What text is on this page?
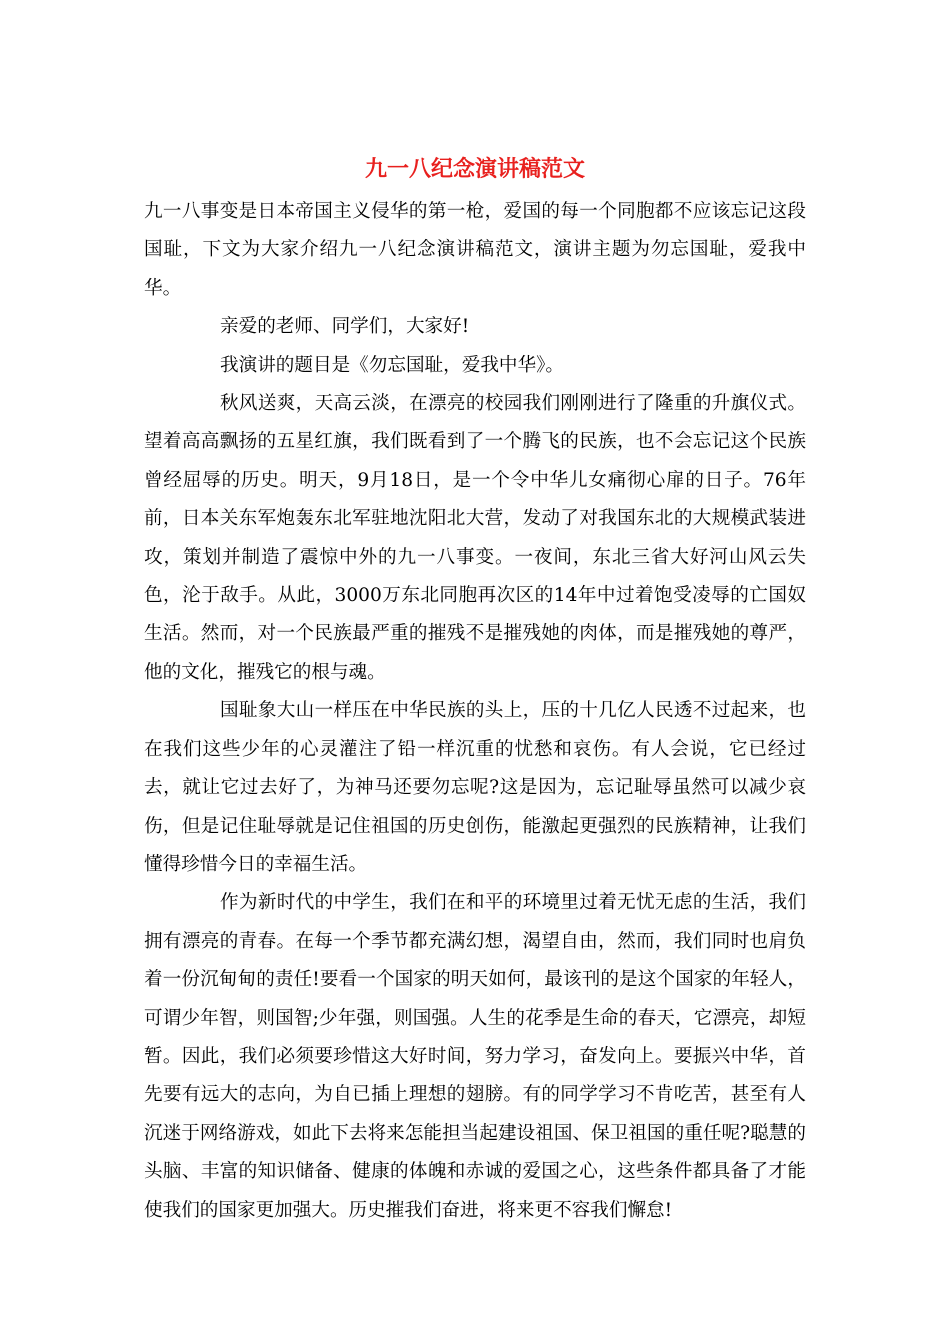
九一八纪念演讲稿范文

九一八事变是日本帝国主义侵华的第一枪，爱国的每一个同胞都不应该忘记这段国耻，下文为大家介绍九一八纪念演讲稿范文，演讲主题为勿忘国耻，爱我中华。

亲爱的老师、同学们，大家好!

我演讲的题目是《勿忘国耻，爱我中华》。

秋风送爽，天高云淡，在漂亮的校园我们刚刚进行了隆重的升旗仪式。望着高高飘扬的五星红旗，我们既看到了一个腾飞的民族，也不会忘记这个民族曾经屈辱的历史。明天，9月18日，是一个令中华儿女痛彻心扉的日子。76年前，日本关东军炮轰东北军驻地沈阳北大营，发动了对我国东北的大规模武装进攻，策划并制造了震惊中外的九一八事变。一夜间，东北三省大好河山风云失色，沦于敌手。从此，3000万东北同胞再次区的14年中过着饱受凌辱的亡国奴生活。然而，对一个民族最严重的摧残不是摧残她的肉体，而是摧残她的尊严，他的文化，摧残它的根与魂。

国耻象大山一样压在中华民族的头上，压的十几亿人民透不过起来，也在我们这些少年的心灵灌注了铅一样沉重的忧愁和哀伤。有人会说，它已经过去，就让它过去好了，为神马还要勿忘呢?这是因为，忘记耻辱虽然可以减少哀伤，但是记住耻辱就是记住祖国的历史创伤，能激起更强烈的民族精神，让我们懂得珍惜今日的幸福生活。

作为新时代的中学生，我们在和平的环境里过着无忧无虑的生活，我们拥有漂亮的青春。在每一个季节都充满幻想，渴望自由，然而，我们同时也肩负着一份沉甸甸的责任!要看一个国家的明天如何，最该刊的是这个国家的年轻人，可谓少年智，则国智;少年强，则国强。人生的花季是生命的春天，它漂亮，却短暂。因此，我们必须要珍惜这大好时间，努力学习，奋发向上。要振兴中华，首先要有远大的志向，为自已插上理想的翅膀。有的同学学习不肯吃苦，甚至有人沉迷于网络游戏，如此下去将来怎能担当起建设祖国、保卫祖国的重任呢?聪慧的头脑、丰富的知识储备、健康的体魄和赤诚的爱国之心，这些条件都具备了才能使我们的国家更加强大。历史摧我们奋进，将来更不容我们懈怠!
